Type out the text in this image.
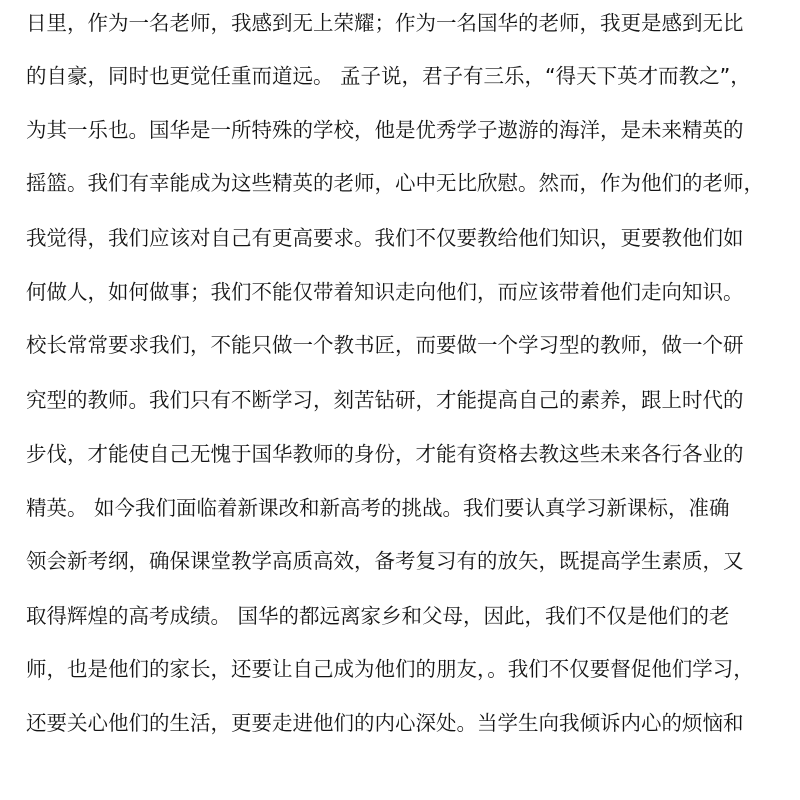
日里，作为一名老师，我感到无上荣耀；作为一名国华的老师，我更是感到无比
的自豪，同时也更觉任重而道远。 孟子说，君子有三乐，“得天下英才而教之”，
为其一乐也。国华是一所特殊的学校，他是优秀学子遨游的海洋，是未来精英的
摇篮。我们有幸能成为这些精英的老师，心中无比欣慰。然而，作为他们的老师，
我觉得，我们应该对自己有更高要求。我们不仅要教给他们知识，更要教他们如
何做人，如何做事；我们不能仅带着知识走向他们，而应该带着他们走向知识。
校长常常要求我们，不能只做一个教书匠，而要做一个学习型的教师，做一个研
究型的教师。我们只有不断学习，刻苦钻研，才能提高自己的素养，跟上时代的
步伐，才能使自己无愧于国华教师的身份，才能有资格去教这些未来各行各业的
精英。 如今我们面临着新课改和新高考的挑战。我们要认真学习新课标，准确
领会新考纲，确保课堂教学高质高效，备考复习有的放矢，既提高学生素质，又
取得辉煌的高考成绩。 国华的都远离家乡和父母，因此，我们不仅是他们的老
师，也是他们的家长，还要让自己成为他们的朋友，。我们不仅要督促他们学习，
还要关心他们的生活，更要走进他们的内心深处。当学生向我倾诉内心的烦恼和
